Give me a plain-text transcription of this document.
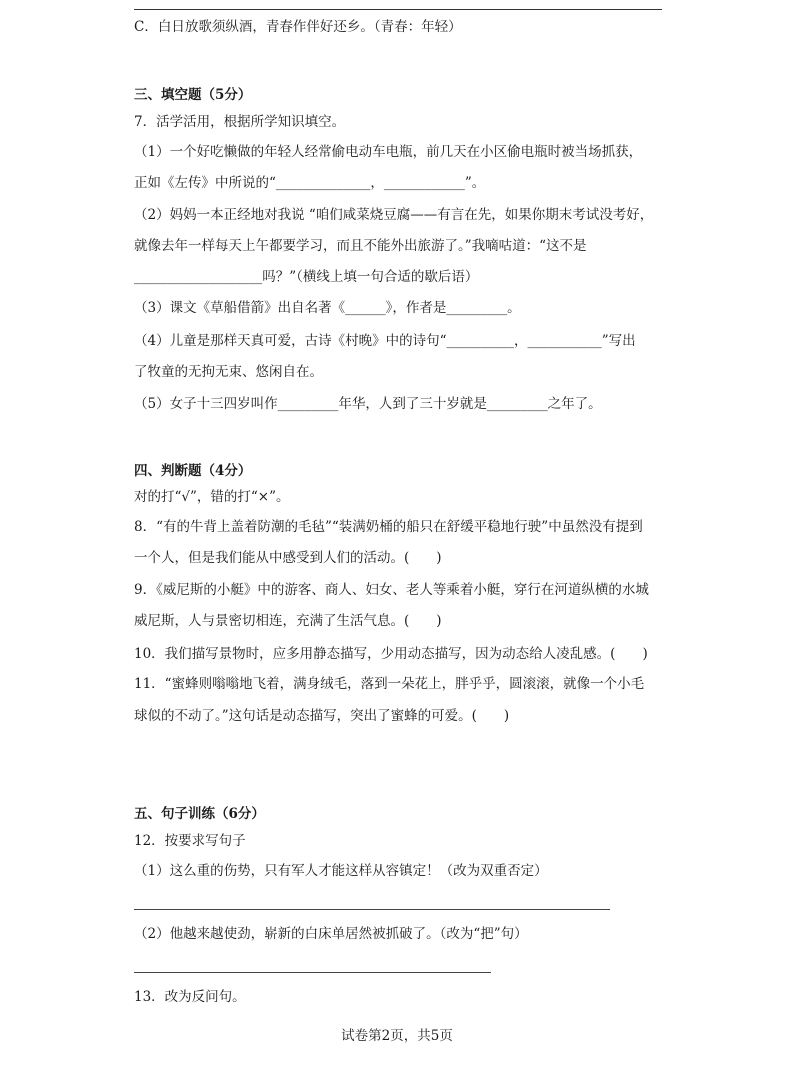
C．白日放歌须纵酒，青春作伴好还乡。（青春：年轻）
三、填空题（5分）
7．活学活用，根据所学知识填空。
（1）一个好吃懒做的年轻人经常偷电动车电瓶，前几天在小区偷电瓶时被当场抓获，
正如《左传》中所说的“______________，____________”。
（2）妈妈一本正经地对我说 “咱们咸菜烧豆腐——有言在先，如果你期末考试没考好，
就像去年一样每天上午都要学习，而且不能外出旅游了。”我嘀咕道：“这不是
___________________吗？”（横线上填一句合适的歇后语）
（3）课文《草船借箭》出自名著《______》，作者是_________。
（4）儿童是那样天真可爱，古诗《村晚》中的诗句“__________，___________”写出
了牧童的无拘无束、悠闲自在。
（5）女子十三四岁叫作_________年华，人到了三十岁就是_________之年了。
四、判断题（4分）
对的打“√”，错的打“×”。
8．“有的牛背上盖着防潮的毛毡”“装满奶桶的船只在舒缓平稳地行驶”中虽然没有提到
一个人，但是我们能从中感受到人们的活动。(　　)
9．《威尼斯的小艇》中的游客、商人、妇女、老人等乘着小艇，穿行在河道纵横的水城
威尼斯，人与景密切相连，充满了生活气息。(　　)
10．我们描写景物时，应多用静态描写，少用动态描写，因为动态给人凌乱感。(　　)
11．“蜜蜂则嗡嗡地飞着，满身绒毛，落到一朵花上，胖乎乎，圆滚滚，就像一个小毛
球似的不动了。”这句话是动态描写，突出了蜜蜂的可爱。(　　)
五、句子训练（6分）
12．按要求写句子
（1）这么重的伤势，只有军人才能这样从容镇定！（改为双重否定）
（2）他越来越使劲，崭新的白床单居然被抓破了。（改为“把”句）
13．改为反问句。
试卷第2页，共5页
